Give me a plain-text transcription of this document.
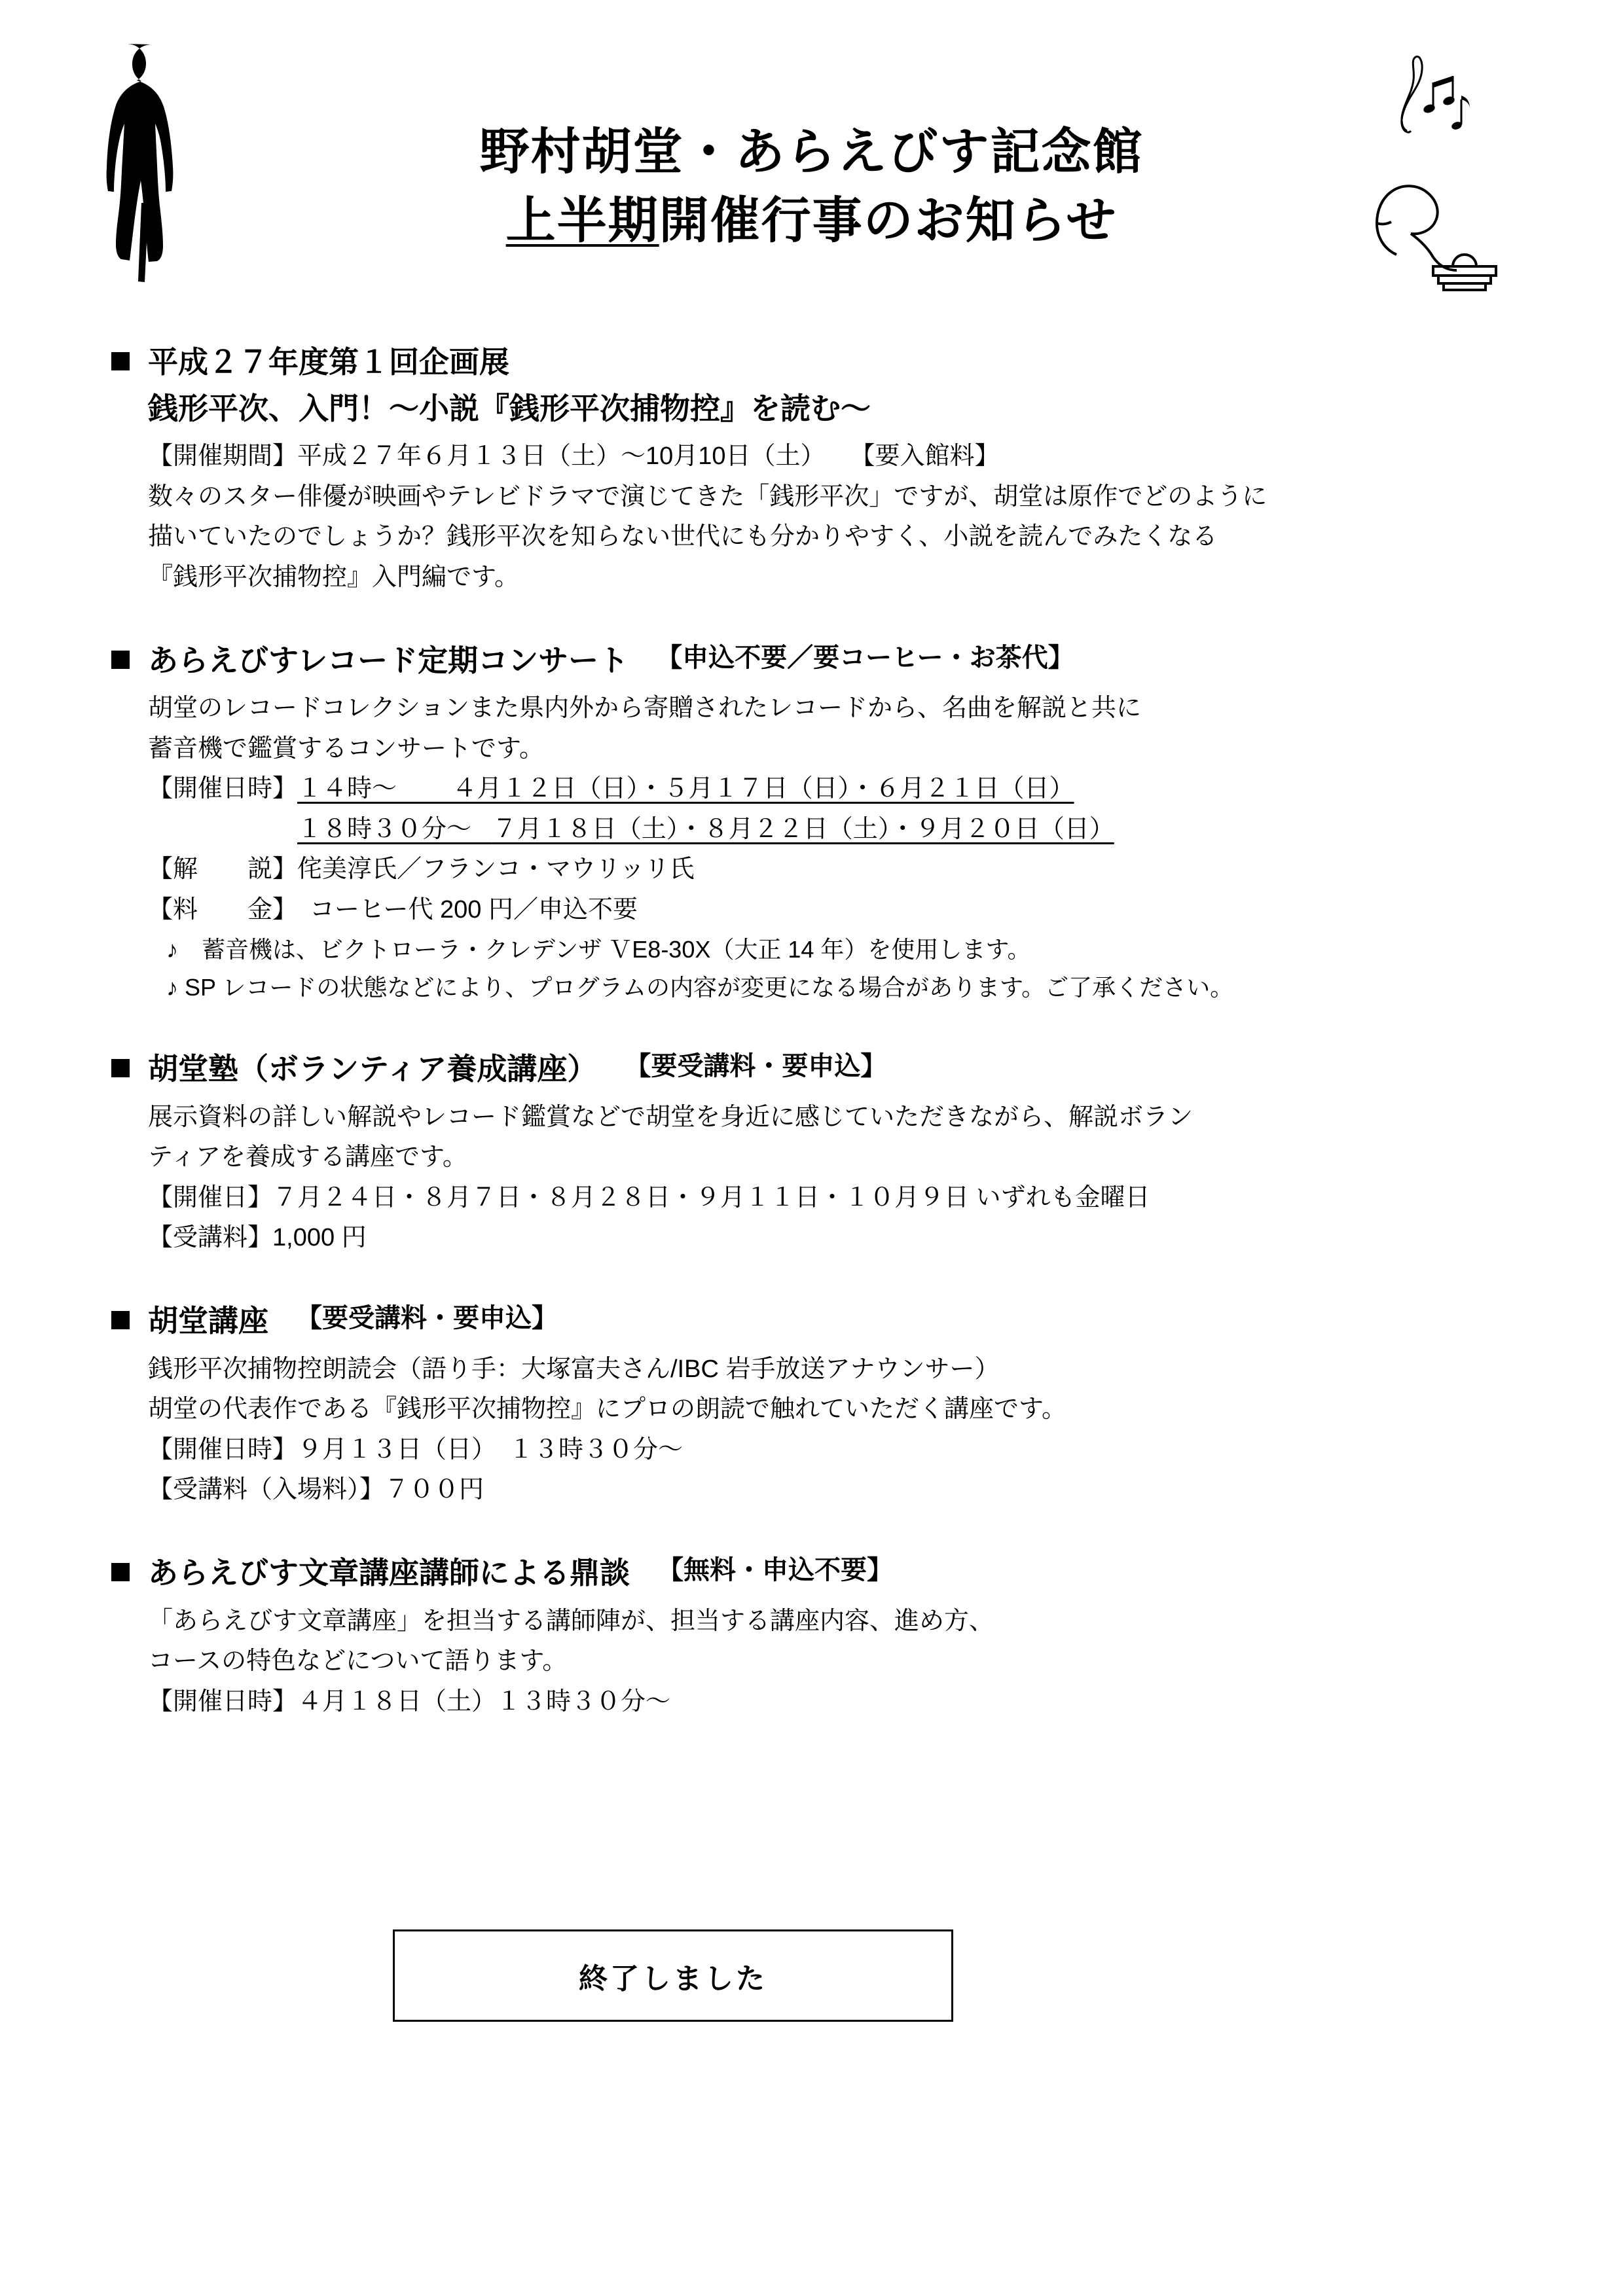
野村胡堂・あらえびす記念館
上半期開催行事のお知らせ
平成２７年度第１回企画展
銭形平次、入門！～小説『銭形平次捕物控』を読む～
【開催期間】平成２７年６月１３日（土）～10月10日（土）　　【要入館料】
数々のスター俳優が映画やテレビドラマで演じてきた「銭形平次」ですが、胡堂は原作でどのように
描いていたのでしょうか？銭形平次を知らない世代にも分かりやすく、小説を読んでみたくなる
『銭形平次捕物控』入門編です。
あらえびすレコード定期コンサート 【申込不要／要コーヒー・お茶代】
胡堂のレコードコレクションまた県内外から寄贈されたレコードから、名曲を解説と共に
蓄音機で鑑賞するコンサートです。
【開催日時】１４時～ ４月１２日（日）・５月１７日（日）・６月２１日（日）
１８時３０分～ ７月１８日（土）・８月２２日（土）・９月２０日（日）
【解　　説】侘美淳氏／フランコ・マウリッリ氏
【料　　金】　コーヒー代 200 円／申込不要
♪　蓄音機は、ビクトローラ・クレデンザ ＶE8-30X（大正 14 年）を使用します。
♪ SP レコードの状態などにより、プログラムの内容が変更になる場合があります。ご了承ください。
胡堂塾（ボランティア養成講座） 【要受講料・要申込】
展示資料の詳しい解説やレコード鑑賞などで胡堂を身近に感じていただきながら、解説ボラン
ティアを養成する講座です。
【開催日】７月２４日・８月７日・８月２８日・９月１１日・１０月９日 いずれも金曜日
【受講料】1,000 円
胡堂講座 【要受講料・要申込】
銭形平次捕物控朗読会（語り手：大塚富夫さん/IBC 岩手放送アナウンサー）
胡堂の代表作である『銭形平次捕物控』にプロの朗読で触れていただく講座です。
【開催日時】９月１３日（日）　１３時３０分～
【受講料（入場料）】７００円
あらえびす文章講座講師による鼎談 【無料・申込不要】
「あらえびす文章講座」を担当する講師陣が、担当する講座内容、進め方、
コースの特色などについて語ります。
【開催日時】４月１８日（土）１３時３０分～
終了しました
